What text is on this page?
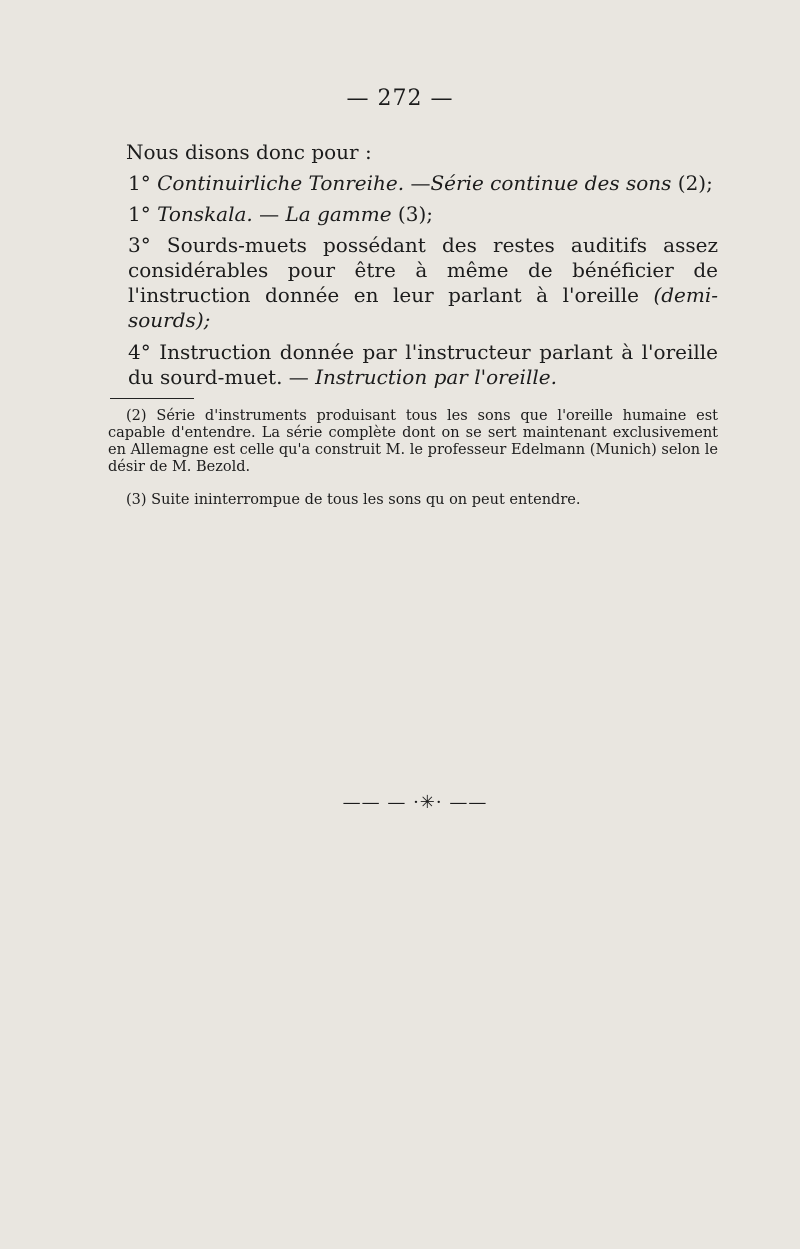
— 272 —

Nous disons donc pour :

1° Continuirliche Tonreihe. —Série continue des sons (2);

1° Tonskala. — La gamme (3);

3° Sourds-muets possédant des restes auditifs assez considérables pour être à même de bénéficier de l'instruction donnée en leur parlant à l'oreille (demi-sourds);

4° Instruction donnée par l'instructeur parlant à l'oreille du sourd-muet. — Instruction par l'oreille.

(2) Série d'instruments produisant tous les sons que l'oreille humaine est capable d'entendre. La série complète dont on se sert maintenant exclusivement en Allemagne est celle qu'a construit M. le professeur Edelmann (Munich) selon le désir de M. Bezold.

(3) Suite ininterrompue de tous les sons qu on peut entendre.

—— — ·✳· ——
